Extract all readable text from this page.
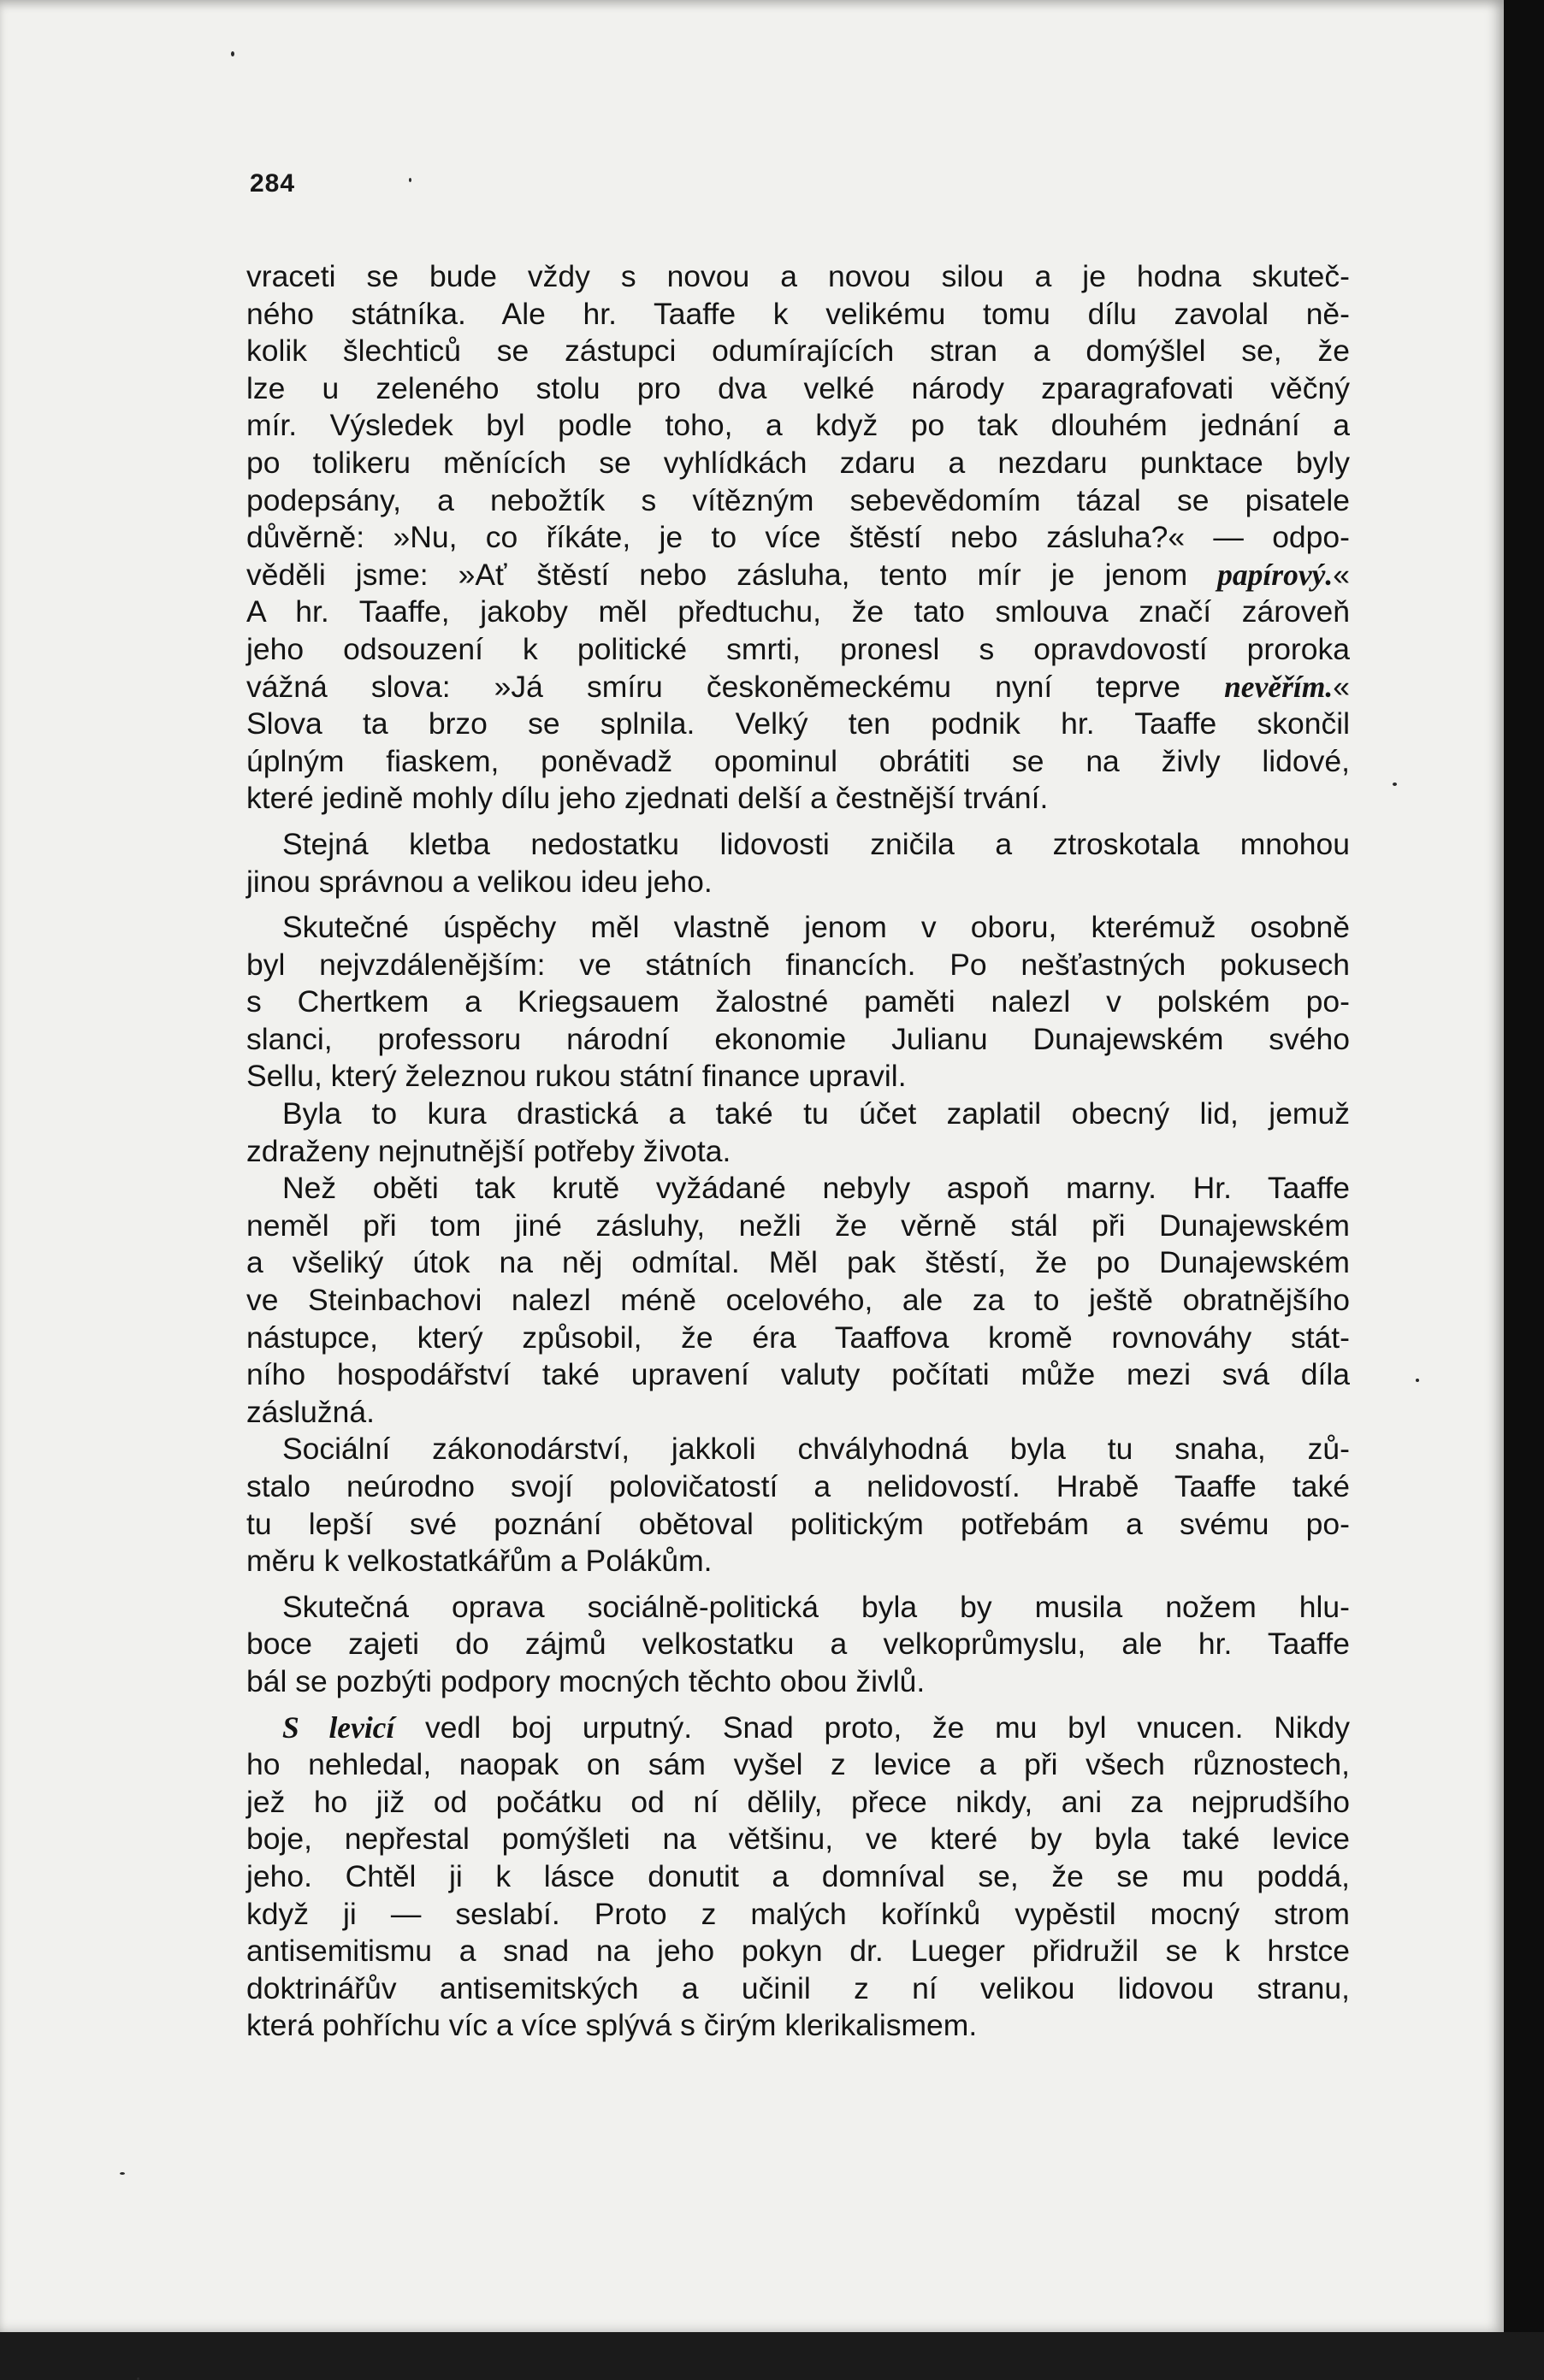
284
vraceti se bude vždy s novou a novou silou a je hodna skuteč-
ného státníka. Ale hr. Taaffe k velikému tomu dílu zavolal ně-
kolik šlechticů se zástupci odumírajících stran a domýšlel se, že
lze u zeleného stolu pro dva velké národy zparagrafovati věčný
mír. Výsledek byl podle toho, a když po tak dlouhém jednání a
po tolikeru měnících se vyhlídkách zdaru a nezdaru punktace byly
podepsány, a nebožtík s vítězným sebevědomím tázal se pisatele
důvěrně: »Nu, co říkáte, je to více štěstí nebo zásluha?« — odpo-
věděli jsme: »Ať štěstí nebo zásluha, tento mír je jenom papírový.«
A hr. Taaffe, jakoby měl předtuchu, že tato smlouva značí zároveň
jeho odsouzení k politické smrti, pronesl s opravdovostí proroka
vážná slova: »Já smíru českoněmeckému nyní teprve nevěřím.«
Slova ta brzo se splnila. Velký ten podnik hr. Taaffe skončil
úplným fiaskem, poněvadž opominul obrátiti se na živly lidové,
které jedině mohly dílu jeho zjednati delší a čestnější trvání.
Stejná kletba nedostatku lidovosti zničila a ztroskotala mnohou
jinou správnou a velikou ideu jeho.
Skutečné úspěchy měl vlastně jenom v oboru, kterémuž osobně
byl nejvzdálenějším: ve státních financích. Po nešťastných pokusech
s Chertkem a Kriegsauem žalostné paměti nalezl v polském po-
slanci, professoru národní ekonomie Julianu Dunajewském svého
Sellu, který železnou rukou státní finance upravil.
Byla to kura drastická a také tu účet zaplatil obecný lid, jemuž
zdraženy nejnutnější potřeby života.
Než oběti tak krutě vyžádané nebyly aspoň marny. Hr. Taaffe
neměl při tom jiné zásluhy, nežli že věrně stál při Dunajewském
a všeliký útok na něj odmítal. Měl pak štěstí, že po Dunajewském
ve Steinbachovi nalezl méně ocelového, ale za to ještě obratnějšího
nástupce, který způsobil, že éra Taaffova kromě rovnováhy stát-
ního hospodářství také upravení valuty počítati může mezi svá díla
záslužná.
Sociální zákonodárství, jakkoli chvályhodná byla tu snaha, zů-
stalo neúrodno svojí polovičatostí a nelidovostí. Hrabě Taaffe také
tu lepší své poznání obětoval politickým potřebám a svému po-
měru k velkostatkářům a Polákům.
Skutečná oprava sociálně-politická byla by musila nožem hlu-
boce zajeti do zájmů velkostatku a velkoprůmyslu, ale hr. Taaffe
bál se pozbýti podpory mocných těchto obou živlů.
S levicí vedl boj urputný. Snad proto, že mu byl vnucen. Nikdy
ho nehledal, naopak on sám vyšel z levice a při všech různostech,
jež ho již od počátku od ní dělily, přece nikdy, ani za nejprudšího
boje, nepřestal pomýšleti na většinu, ve které by byla také levice
jeho. Chtěl ji k lásce donutit a domníval se, že se mu poddá,
když ji — seslabí. Proto z malých kořínků vypěstil mocný strom
antisemitismu a snad na jeho pokyn dr. Lueger přidružil se k hrstce
doktrinářův antisemitských a učinil z ní velikou lidovou stranu,
která pohříchu víc a více splývá s čirým klerikalismem.
